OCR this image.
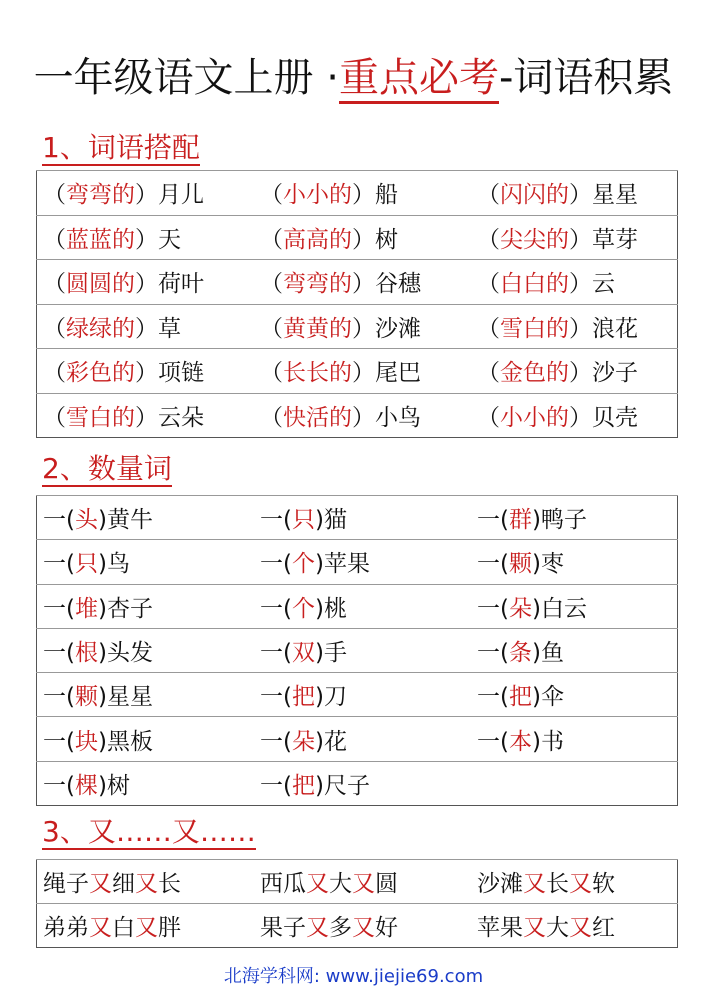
一年级语文上册 ·重点必考-词语积累
1、词语搭配
（弯弯的）月儿	（小小的）船	（闪闪的）星星
（蓝蓝的）天	（高高的）树	（尖尖的）草芽
（圆圆的）荷叶	（弯弯的）谷穗	（白白的）云
（绿绿的）草	（黄黄的）沙滩	（雪白的）浪花
（彩色的）项链	（长长的）尾巴	（金色的）沙子
（雪白的）云朵	（快活的）小鸟	（小小的）贝壳
2、数量词
一(头)黄牛	一(只)猫	一(群)鸭子
一(只)鸟	一(个)苹果	一(颗)枣
一(堆)杏子	一(个)桃	一(朵)白云
一(根)头发	一(双)手	一(条)鱼
一(颗)星星	一(把)刀	一(把)伞
一(块)黑板	一(朵)花	一(本)书
一(棵)树	一(把)尺子	
3、又……又……
绳子又细又长	西瓜又大又圆	沙滩又长又软
弟弟又白又胖	果子又多又好	苹果又大又红
北海学科网: www.jiejie69.com
